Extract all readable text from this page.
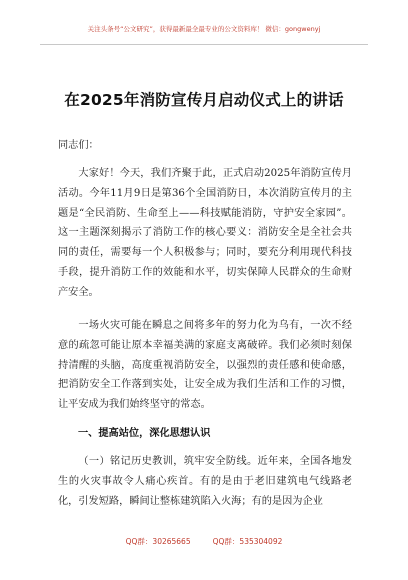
关注头条号“公文研究”，获得最新最全最专业的公文资料库！ 微信：gongwenyj
在2025年消防宣传月启动仪式上的讲话
同志们：

大家好！今天，我们齐聚于此，正式启动2025年消防宣传月活动。今年11月9日是第36个全国消防日，本次消防宣传月的主题是“全民消防、生命至上——科技赋能消防，守护安全家园”。这一主题深刻揭示了消防工作的核心要义：消防安全是全社会共同的责任，需要每一个人积极参与；同时，要充分利用现代科技手段，提升消防工作的效能和水平，切实保障人民群众的生命财产安全。

一场火灾可能在瞬息之间将多年的努力化为乌有，一次不经意的疏忽可能让原本幸福美满的家庭支离破碎。我们必须时刻保持清醒的头脑，高度重视消防安全，以强烈的责任感和使命感，把消防安全工作落到实处，让安全成为我们生活和工作的习惯，让平安成为我们始终坚守的常态。

一、提高站位，深化思想认识

（一）铭记历史教训，筑牢安全防线。近年来，全国各地发生的火灾事故令人痛心疾首。有的是由于老旧建筑电气线路老化，引发短路，瞬间让整栋建筑陷入火海；有的是因为企业

QQ群：30265665	QQ群：535304092
